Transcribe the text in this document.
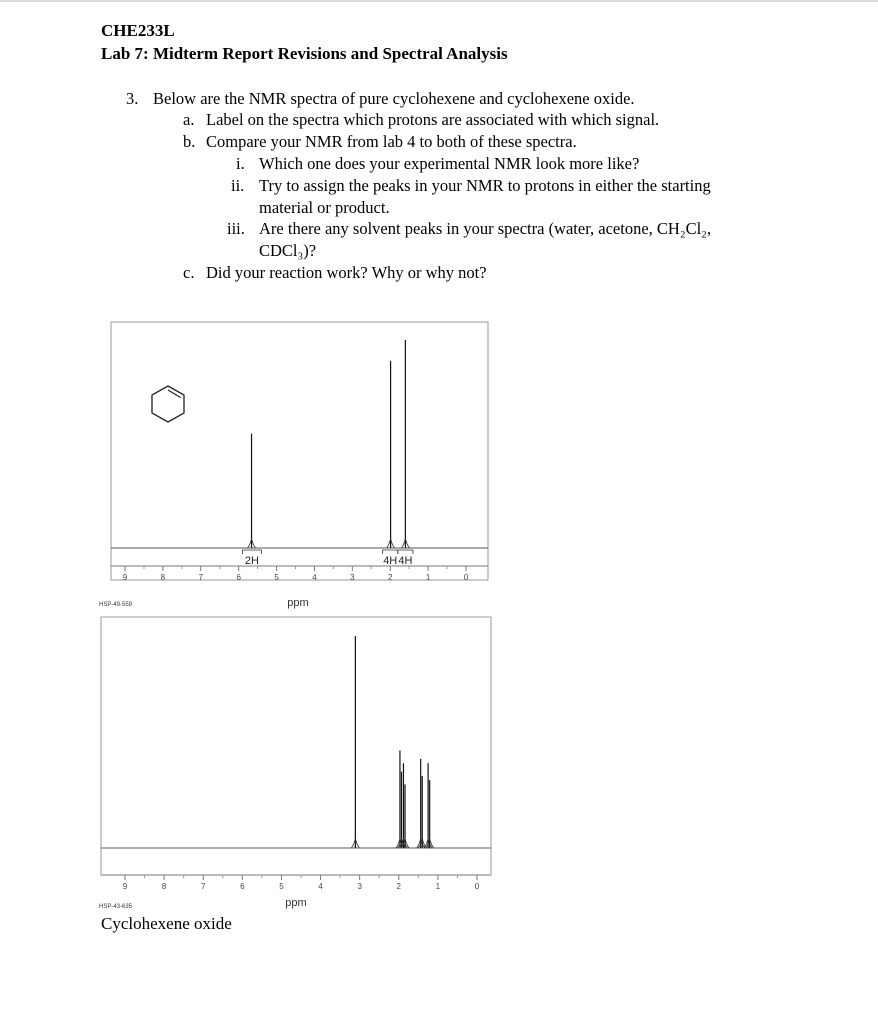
CHE233L
Lab 7: Midterm Report Revisions and Spectral Analysis
3. Below are the NMR spectra of pure cyclohexene and cyclohexene oxide.
a. Label on the spectra which protons are associated with which signal.
b. Compare your NMR from lab 4 to both of these spectra.
i. Which one does your experimental NMR look more like?
ii. Try to assign the peaks in your NMR to protons in either the starting
material or product.
iii. Are there any solvent peaks in your spectra (water, acetone, CH₂Cl₂,
CDCl₃)?
c. Did your reaction work? Why or why not?
9	8	7	6	5	4	3	2	1	0
2H	4H 4H
HSP-49-559	ppm
9	8	7	6	5	4	3	2	1	0
HSP-43-635	ppm
Cyclohexene oxide
